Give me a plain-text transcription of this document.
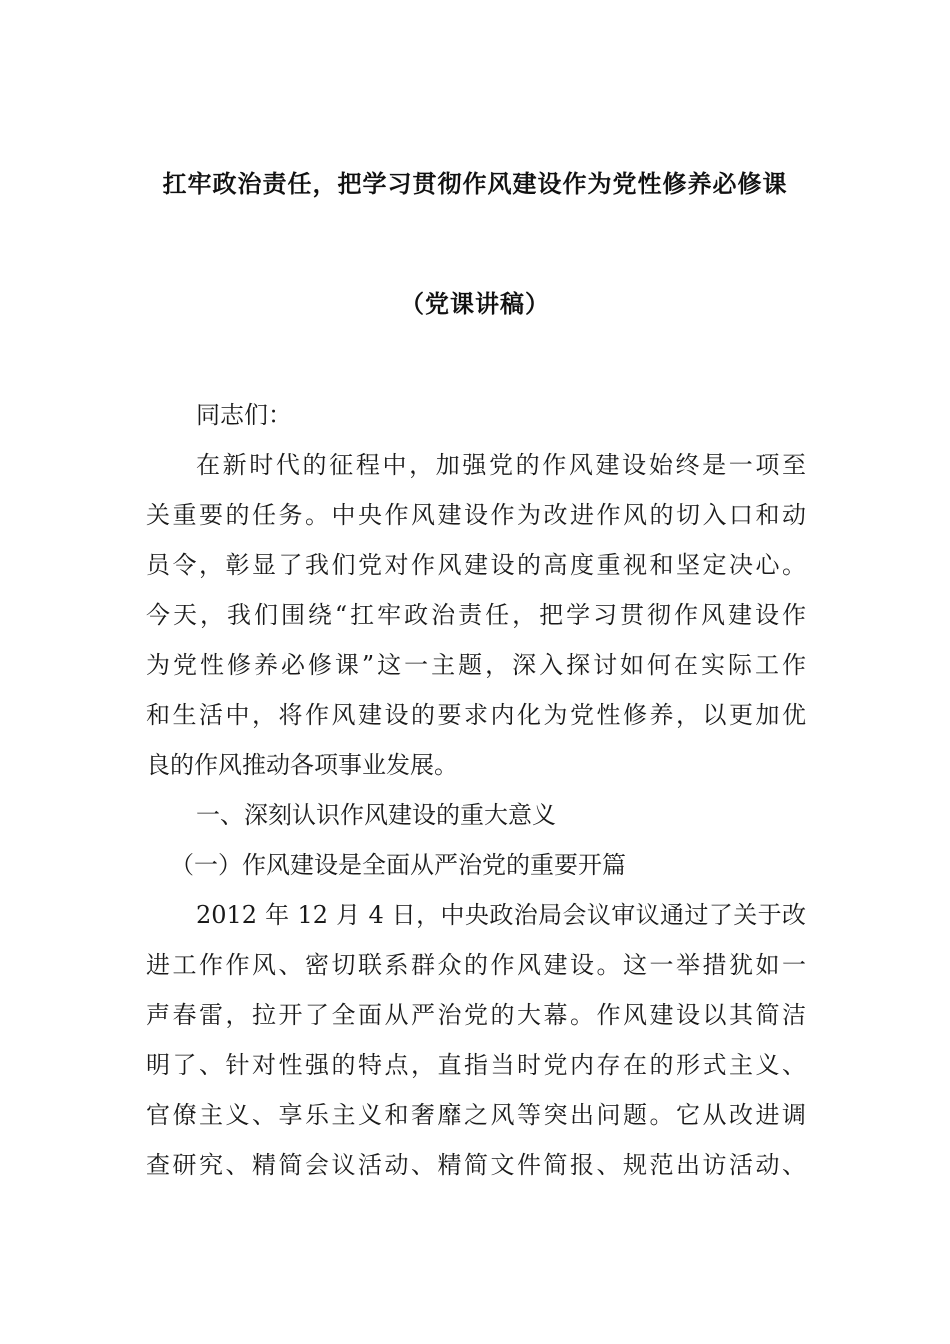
扛牢政治责任，把学习贯彻作风建设作为党性修养必修课
（党课讲稿）
同志们：
在新时代的征程中，加强党的作风建设始终是一项至
关重要的任务。中央作风建设作为改进作风的切入口和动
员令，彰显了我们党对作风建设的高度重视和坚定决心。
今天，我们围绕“扛牢政治责任，把学习贯彻作风建设作
为党性修养必修课”这一主题，深入探讨如何在实际工作
和生活中，将作风建设的要求内化为党性修养，以更加优
良的作风推动各项事业发展。
一、深刻认识作风建设的重大意义
（一）作风建设是全面从严治党的重要开篇
2012 年 12 月 4 日，中央政治局会议审议通过了关于改
进工作作风、密切联系群众的作风建设。这一举措犹如一
声春雷，拉开了全面从严治党的大幕。作风建设以其简洁
明了、针对性强的特点，直指当时党内存在的形式主义、
官僚主义、享乐主义和奢靡之风等突出问题。它从改进调
查研究、精简会议活动、精简文件简报、规范出访活动、
